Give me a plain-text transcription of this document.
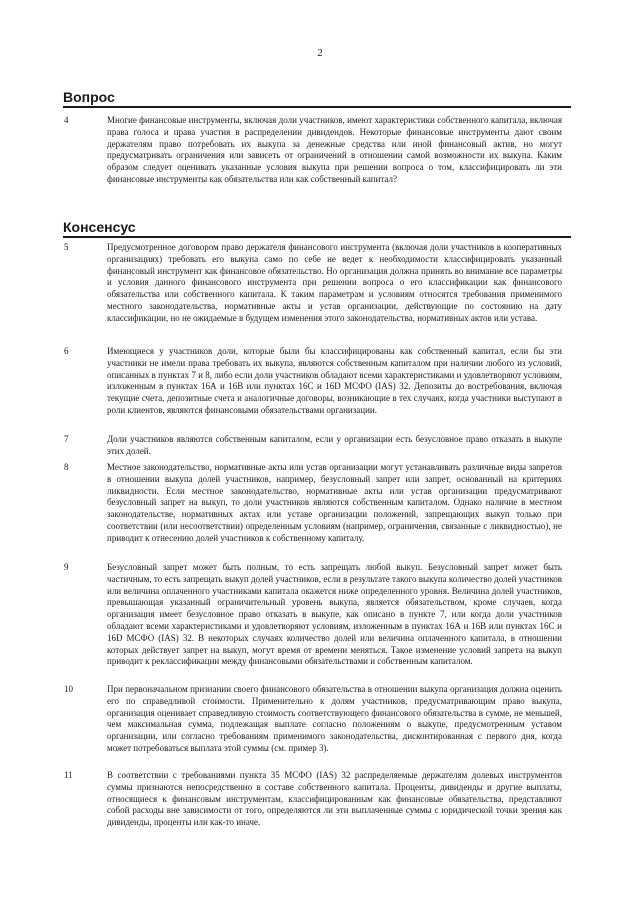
2
Вопрос
4	Многие финансовые инструменты, включая доли участников, имеют характеристики собственного капитала, включая права голоса и права участия в распределении дивидендов. Некоторые финансовые инструменты дают своим держателям право потребовать их выкупа за денежные средства или иной финансовый актив, но могут предусматривать ограничения или зависеть от ограничений в отношении самой возможности их выкупа. Каким образом следует оценивать указанные условия выкупа при решении вопроса о том, классифицировать ли эти финансовые инструменты как обязательства или как собственный капитал?

Консенсус
5	Предусмотренное договором право держателя финансового инструмента (включая доли участников в кооперативных организациях) требовать его выкупа само по себе не ведет к необходимости классифицировать указанный финансовый инструмент как финансовое обязательство. Но организация должна принять во внимание все параметры и условия данного финансового инструмента при решении вопроса о его классификации как финансового обязательства или собственного капитала. К таким параметрам и условиям относятся требования применимого местного законодательства, нормативные акты и устав организации, действующие по состоянию на дату классификации, но не ожидаемые в будущем изменения этого законодательства, нормативных актов или устава.

6	Имеющиеся у участников доли, которые были бы классифицированы как собственный капитал, если бы эти участники не имели права требовать их выкупа, являются собственным капиталом при наличии любого из условий, описанных в пунктах 7 и 8, либо если доли участников обладают всеми характеристиками и удовлетворяют условиям, изложенным в пунктах 16А и 16В или пунктах 16С и 16D МСФО (IAS) 32. Депозиты до востребования, включая текущие счета, депозитные счета и аналогичные договоры, возникающие в тех случаях, когда участники выступают в роли клиентов, являются финансовыми обязательствами организации.

7	Доли участников являются собственным капиталом, если у организации есть безусловное право отказать в выкупе этих долей.

8	Местное законодательство, нормативные акты или устав организации могут устанавливать различные виды запретов в отношении выкупа долей участников, например, безусловный запрет или запрет, основанный на критериях ликвидности. Если местное законодательство, нормативные акты или устав организации предусматривают безусловный запрет на выкуп, то доли участников являются собственным капиталом. Однако наличие в местном законодательстве, нормативных актах или уставе организации положений, запрещающих выкуп только при соответствии (или несоответствии) определенным условиям (например, ограничения, связанные с ликвидностью), не приводит к отнесению долей участников к собственному капиталу.

9	Безусловный запрет может быть полным, то есть запрещать любой выкуп. Безусловный запрет может быть частичным, то есть запрещать выкуп долей участников, если в результате такого выкупа количество долей участников или величина оплаченного участниками капитала окажется ниже определенного уровня. Величина долей участников, превышающая указанный ограничительный уровень выкупа, является обязательством, кроме случаев, когда организация имеет безусловное право отказать в выкупе, как описано в пункте 7, или когда доли участников обладают всеми характеристиками и удовлетворяют условиям, изложенным в пунктах 16А и 16В или пунктах 16С и 16D МСФО (IAS) 32. В некоторых случаях количество долей или величина оплаченного капитала, в отношении которых действует запрет на выкуп, могут время от времени меняться. Такое изменение условий запрета на выкуп приводит к реклассификации между финансовыми обязательствами и собственным капиталом.

10	При первоначальном признании своего финансового обязательства в отношении выкупа организация должна оценить его по справедливой стоимости. Применительно к долям участников, предусматривающим право выкупа, организация оценивает справедливую стоимость соответствующего финансового обязательства в сумме, не меньшей, чем максимальная сумма, подлежащая выплате согласно положениям о выкупе, предусмотренным уставом организации, или согласно требованиям применимого законодательства, дисконтированная с первого дня, когда может потребоваться выплата этой суммы (см. пример 3).

11	В соответствии с требованиями пункта 35 МСФО (IAS) 32 распределяемые держателям долевых инструментов суммы признаются непосредственно в составе собственного капитала. Проценты, дивиденды и другие выплаты, относящиеся к финансовым инструментам, классифицированным как финансовые обязательства, представляют собой расходы вне зависимости от того, определяются ли эти выплаченные суммы с юридической точки зрения как дивиденды, проценты или как-то иначе.
